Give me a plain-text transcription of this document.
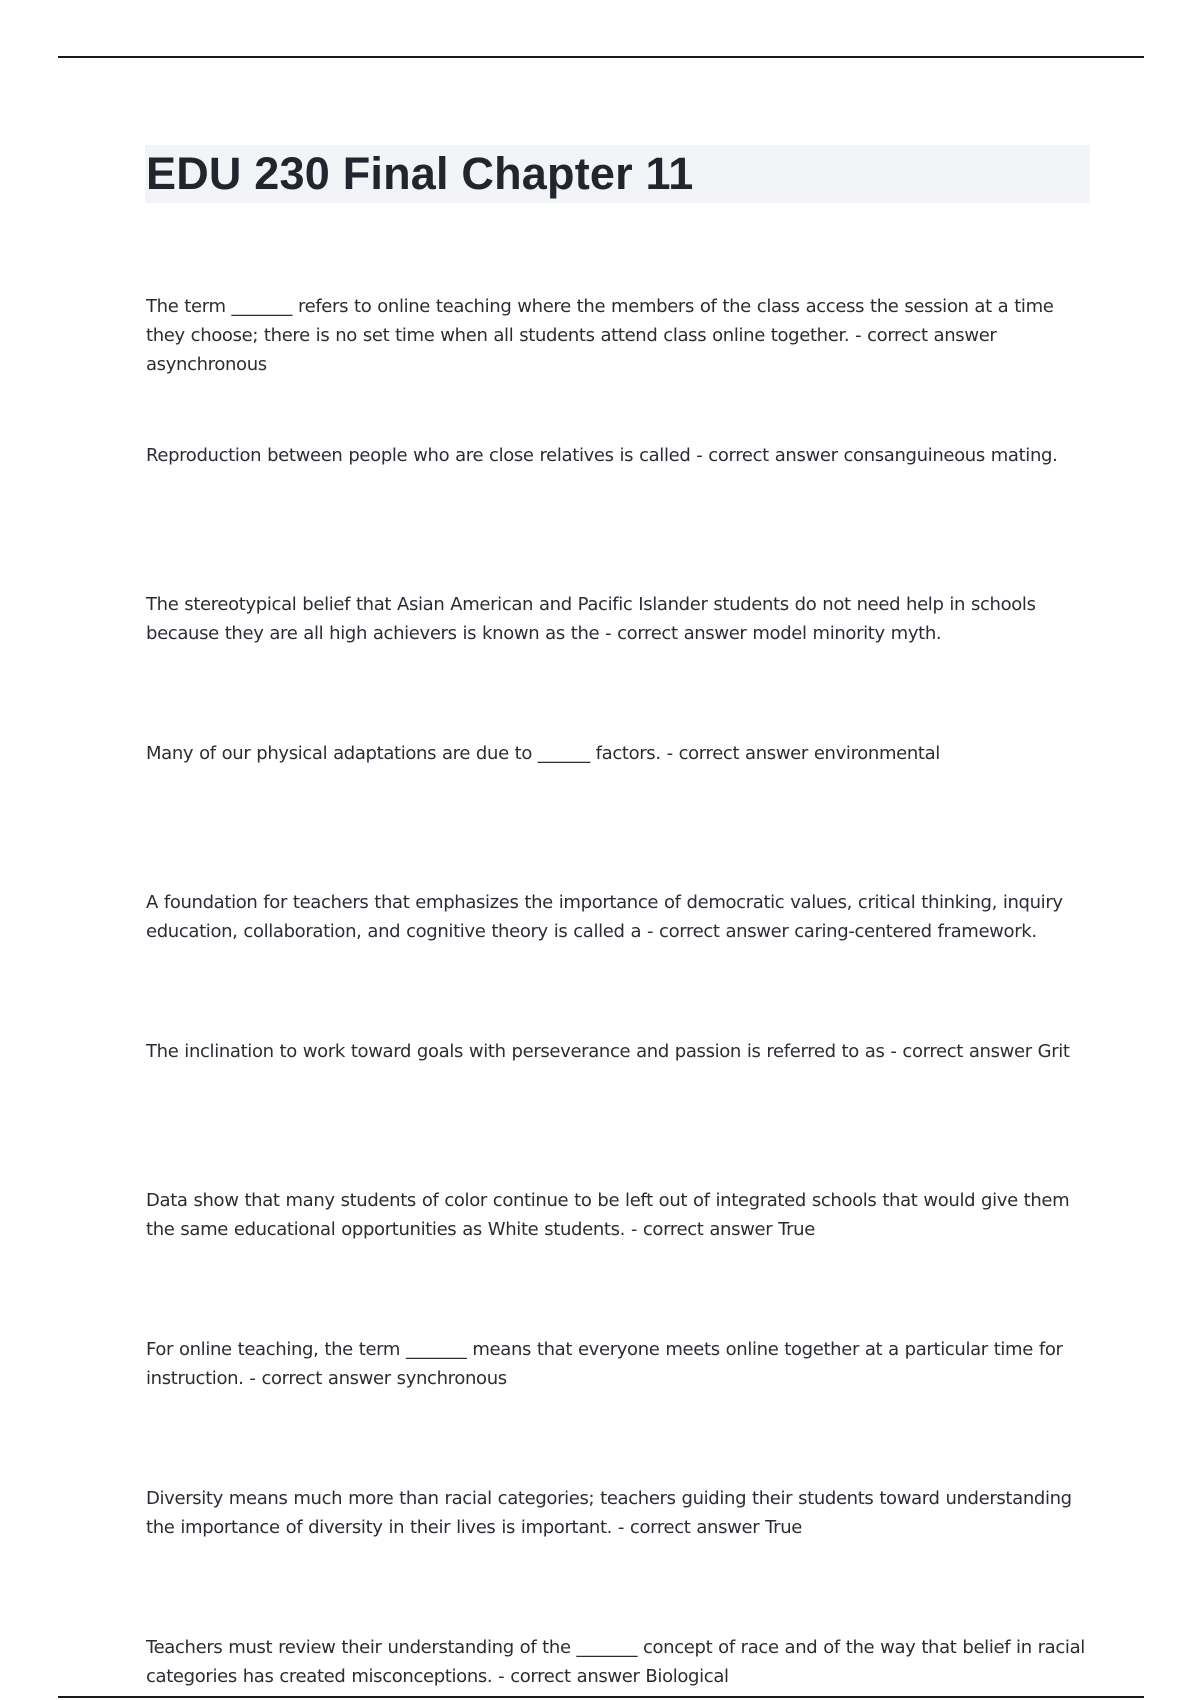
EDU 230 Final Chapter 11
The term _______ refers to online teaching where the members of the class access the session at a time they choose; there is no set time when all students attend class online together. - correct answer asynchronous
Reproduction between people who are close relatives is called - correct answer consanguineous mating.
The stereotypical belief that Asian American and Pacific Islander students do not need help in schools because they are all high achievers is known as the - correct answer model minority myth.
Many of our physical adaptations are due to ______ factors. - correct answer environmental
A foundation for teachers that emphasizes the importance of democratic values, critical thinking, inquiry education, collaboration, and cognitive theory is called a - correct answer caring-centered framework.
The inclination to work toward goals with perseverance and passion is referred to as - correct answer Grit
Data show that many students of color continue to be left out of integrated schools that would give them the same educational opportunities as White students. - correct answer True
For online teaching, the term _______ means that everyone meets online together at a particular time for instruction. - correct answer synchronous
Diversity means much more than racial categories; teachers guiding their students toward understanding the importance of diversity in their lives is important. - correct answer True
Teachers must review their understanding of the _______ concept of race and of the way that belief in racial categories has created misconceptions. - correct answer Biological
